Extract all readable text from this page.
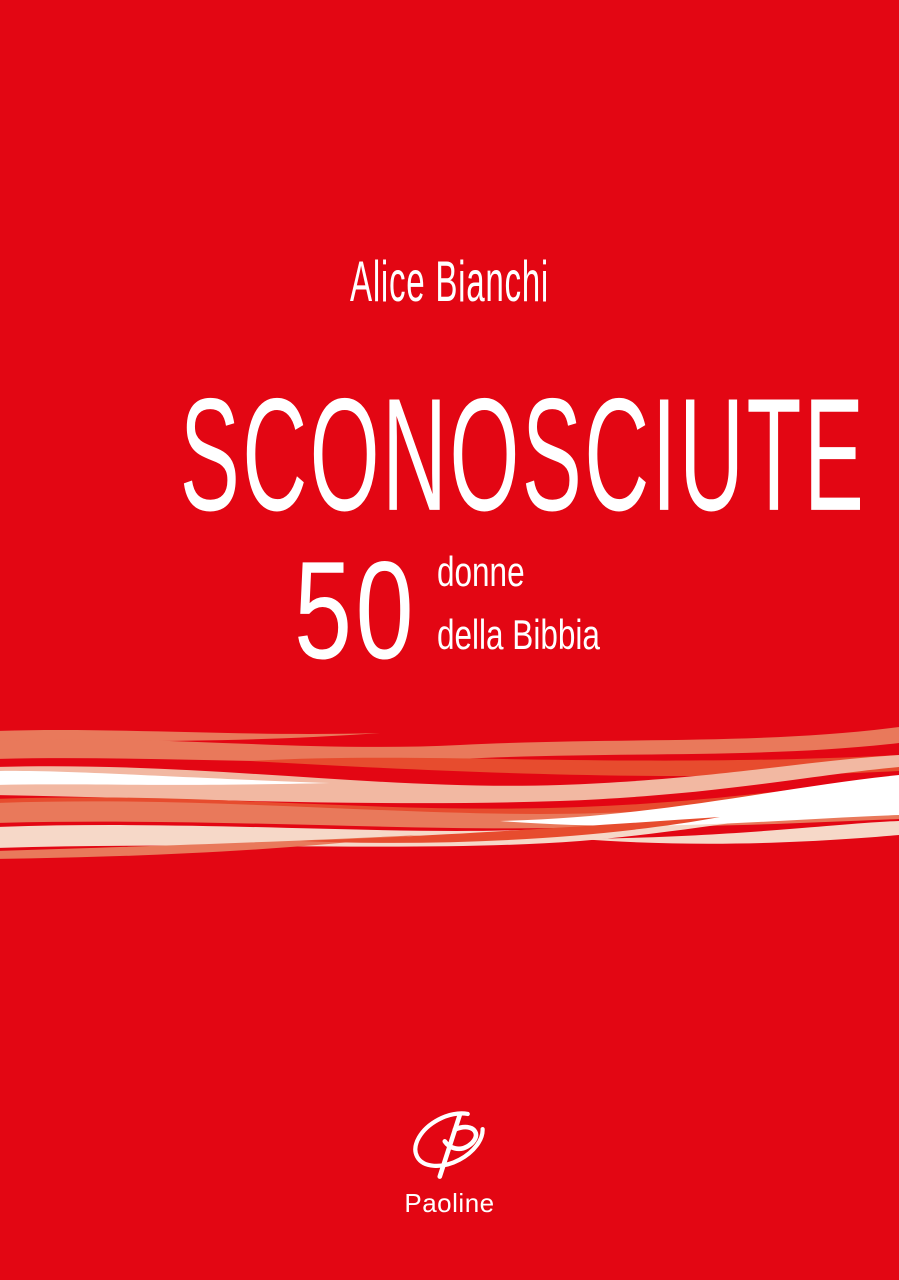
Alice Bianchi
SCONOSCIUTE
50 donne
della Bibbia
Paoline
